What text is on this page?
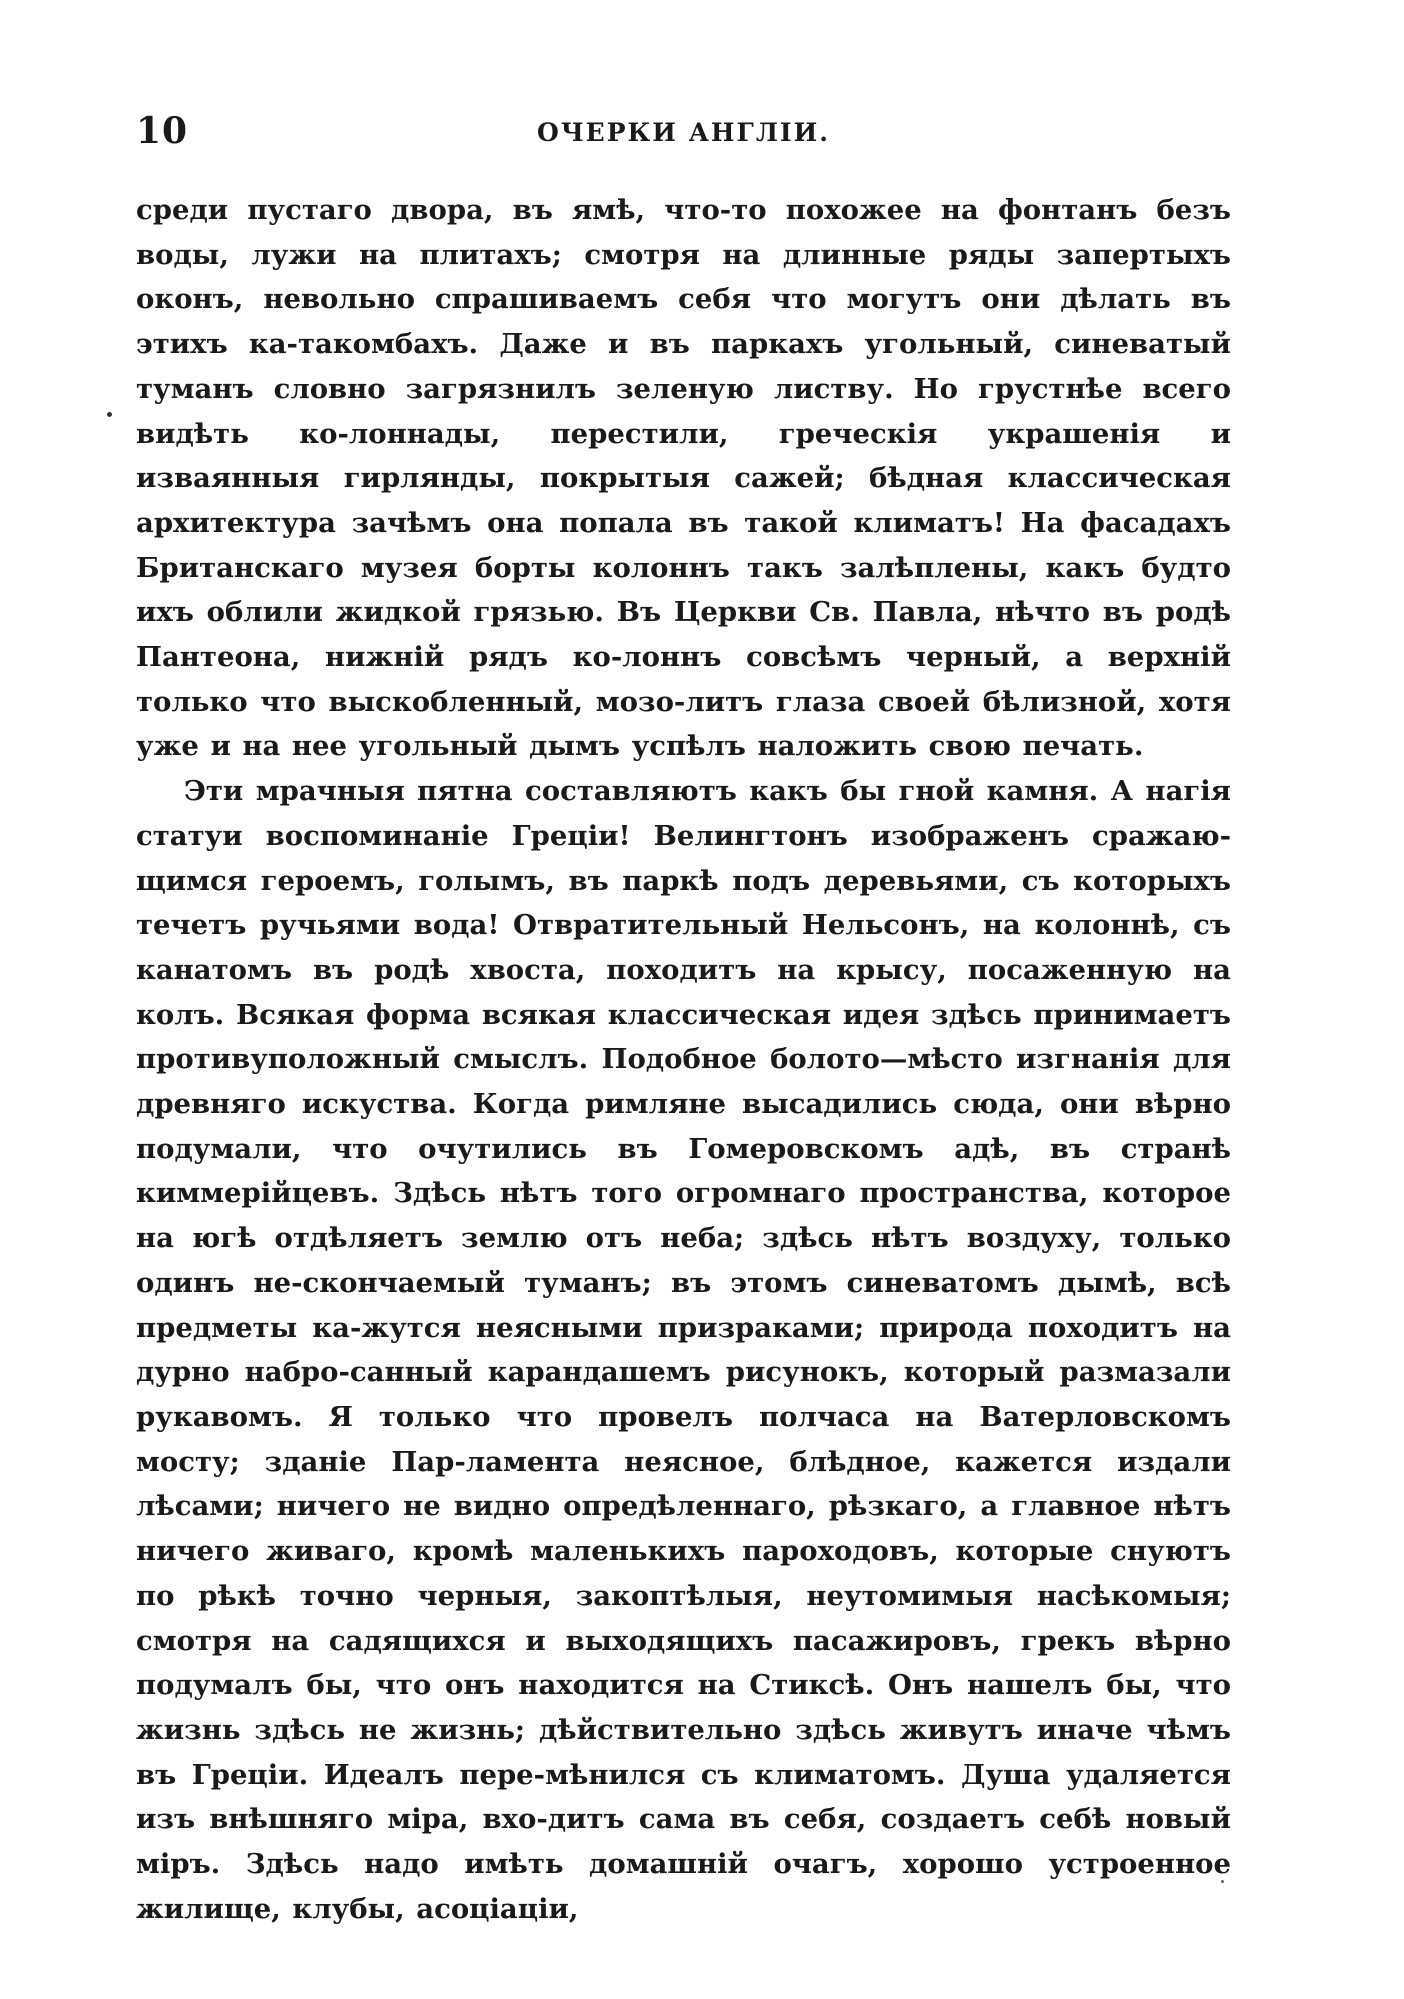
10	ОЧЕРКИ АНГЛІИ.

среди пустаго двора, въ ямѣ, что-то похожее на фонтанъ безъ воды, лужи на плитахъ; смотря на длинные ряды запертыхъ оконъ, невольно спрашиваемъ себя что могутъ они дѣлать въ этихъ ка-такомбахъ. Даже и въ паркахъ угольный, синеватый туманъ словно загрязнилъ зеленую листву. Но грустнѣе всего видѣть ко-лоннады, перестили, греческія украшенія и изваянныя гирлянды, покрытыя сажей; бѣдная классическая архитектура зачѣмъ она попала въ такой климатъ! На фасадахъ Британскаго музея борты колоннъ такъ залѣплены, какъ будто ихъ облили жидкой грязью. Въ Церкви Св. Павла, нѣчто въ родѣ Пантеона, нижній рядъ ко-лоннъ совсѣмъ черный, а верхній только что выскобленный, мозо-литъ глаза своей бѣлизной, хотя уже и на нее угольный дымъ успѣлъ наложить свою печать.

Эти мрачныя пятна составляютъ какъ бы гной камня. А нагія статуи воспоминаніе Греціи! Велингтонъ изображенъ сражаю-щимся героемъ, голымъ, въ паркѣ подъ деревьями, съ которыхъ течетъ ручьями вода! Отвратительный Нельсонъ, на колоннѣ, съ канатомъ въ родѣ хвоста, походитъ на крысу, посаженную на колъ. Всякая форма всякая классическая идея здѣсь принимаетъ противуположный смыслъ. Подобное болото—мѣсто изгнанія для древняго искуства. Когда римляне высадились сюда, они вѣрно подумали, что очутились въ Гомеровскомъ адѣ, въ странѣ киммерійцевъ. Здѣсь нѣтъ того огромнаго пространства, которое на югѣ отдѣляетъ землю отъ неба; здѣсь нѣтъ воздуху, только одинъ не-скончаемый туманъ; въ этомъ синеватомъ дымѣ, всѣ предметы ка-жутся неясными призраками; природа походитъ на дурно набро-санный карандашемъ рисунокъ, который размазали рукавомъ. Я только что провелъ полчаса на Ватерловскомъ мосту; зданіе Пар-ламента неясное, блѣдное, кажется издали лѣсами; ничего не видно опредѣленнаго, рѣзкаго, а главное нѣтъ ничего живаго, кромѣ маленькихъ пароходовъ, которые снуютъ по рѣкѣ точно черныя, закоптѣлыя, неутомимыя насѣкомыя; смотря на садящихся и выходящихъ пасажировъ, грекъ вѣрно подумалъ бы, что онъ находится на Стиксѣ. Онъ нашелъ бы, что жизнь здѣсь не жизнь; дѣйствительно здѣсь живутъ иначе чѣмъ въ Греціи. Идеалъ пере-мѣнился съ климатомъ. Душа удаляется изъ внѣшняго міра, вхо-дитъ сама въ себя, создаетъ себѣ новый міръ. Здѣсь надо имѣть домашній очагъ, хорошо устроенное жилище, клубы, асоціаціи,
